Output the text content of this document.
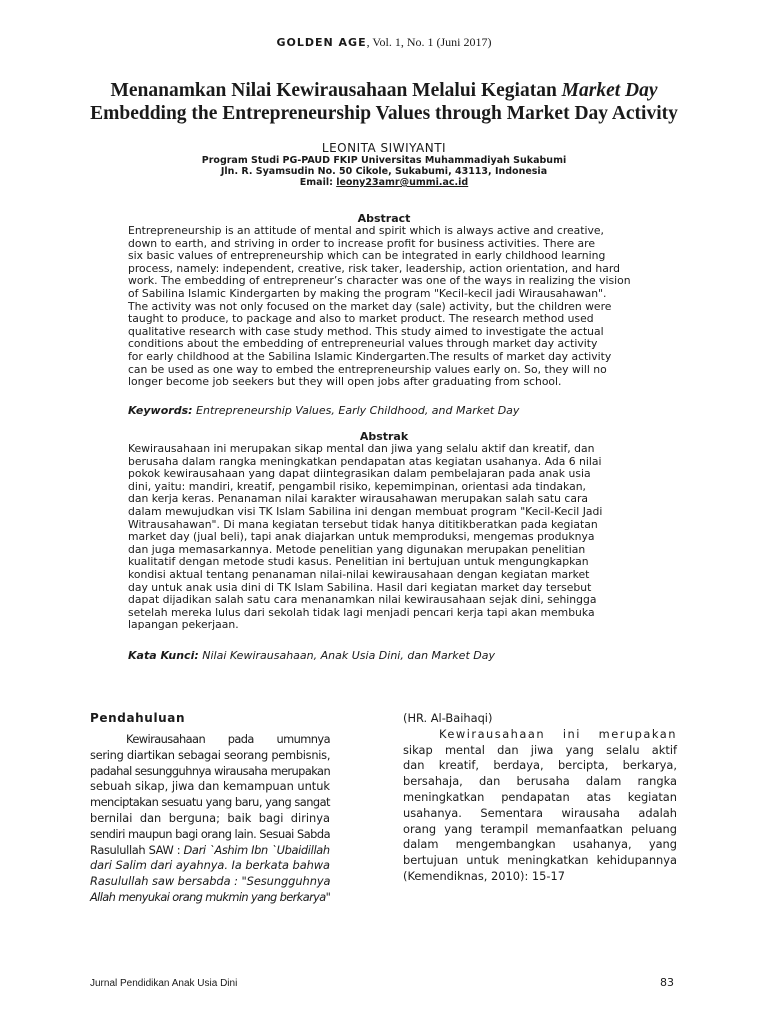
GOLDEN AGE, Vol. 1, No. 1 (Juni 2017)
Menanamkan Nilai Kewirausahaan Melalui Kegiatan Market Day
Embedding the Entrepreneurship Values through Market Day Activity
LEONITA SIWIYANTI
Program Studi PG-PAUD FKIP Universitas Muhammadiyah Sukabumi
Jln. R. Syamsudin No. 50 Cikole, Sukabumi, 43113, Indonesia
Email: leony23amr@ummi.ac.id
Abstract
Entrepreneurship is an attitude of mental and spirit which is always active and creative,
down to earth, and striving in order to increase profit for business activities. There are
six basic values of entrepreneurship which can be integrated in early childhood learning
process, namely: independent, creative, risk taker, leadership, action orientation, and hard
work. The embedding of entrepreneur’s character was one of the ways in realizing the vision
of Sabilina Islamic Kindergarten by making the program "Kecil-kecil jadi Wirausahawan".
The activity was not only focused on the market day (sale) activity, but the children were
taught to produce, to package and also to market product. The research method used
qualitative research with case study method. This study aimed to investigate the actual
conditions about the embedding of entrepreneurial values through market day activity
for early childhood at the Sabilina Islamic Kindergarten.The results of market day activity
can be used as one way to embed the entrepreneurship values early on. So, they will no
longer become job seekers but they will open jobs after graduating from school.
Keywords: Entrepreneurship Values, Early Childhood, and Market Day
Abstrak
Kewirausahaan ini merupakan sikap mental dan jiwa yang selalu aktif dan kreatif, dan
berusaha dalam rangka meningkatkan pendapatan atas kegiatan usahanya. Ada 6 nilai
pokok kewirausahaan yang dapat diintegrasikan dalam pembelajaran pada anak usia
dini, yaitu: mandiri, kreatif, pengambil risiko, kepemimpinan, orientasi ada tindakan,
dan kerja keras. Penanaman nilai karakter wirausahawan merupakan salah satu cara
dalam mewujudkan visi TK Islam Sabilina ini dengan membuat program "Kecil-Kecil Jadi
Witrausahawan". Di mana kegiatan tersebut tidak hanya dititikberatkan pada kegiatan
market day (jual beli), tapi anak diajarkan untuk memproduksi, mengemas produknya
dan juga memasarkannya. Metode penelitian yang digunakan merupakan penelitian
kualitatif dengan metode studi kasus. Penelitian ini bertujuan untuk mengungkapkan
kondisi aktual tentang penanaman nilai-nilai kewirausahaan dengan kegiatan market
day untuk anak usia dini di TK Islam Sabilina. Hasil dari kegiatan market day tersebut
dapat dijadikan salah satu cara menanamkan nilai kewirausahaan sejak dini, sehingga
setelah mereka lulus dari sekolah tidak lagi menjadi pencari kerja tapi akan membuka
lapangan pekerjaan.
Kata Kunci: Nilai Kewirausahaan, Anak Usia Dini, dan Market Day
Pendahuluan
Kewirausahaan pada umumnya
sering diartikan sebagai seorang pembisnis,
padahal sesungguhnya wirausaha merupakan
sebuah sikap, jiwa dan kemampuan untuk
menciptakan sesuatu yang baru, yang sangat
bernilai dan berguna; baik bagi dirinya
sendiri maupun bagi orang lain. Sesuai Sabda
Rasulullah SAW : Dari `Ashim Ibn `Ubaidillah
dari Salim dari ayahnya. Ia berkata bahwa
Rasulullah saw bersabda : "Sesungguhnya
Allah menyukai orang mukmin yang berkarya"
(HR. Al-Baihaqi)
Kewirausahaan ini merupakan
sikap mental dan jiwa yang selalu aktif
dan kreatif, berdaya, bercipta, berkarya,
bersahaja, dan berusaha dalam rangka
meningkatkan pendapatan atas kegiatan
usahanya. Sementara wirausaha adalah
orang yang terampil memanfaatkan peluang
dalam mengembangkan usahanya, yang
bertujuan untuk meningkatkan kehidupannya
(Kemendiknas, 2010): 15-17
Jurnal Pendidikan Anak Usia Dini	83
